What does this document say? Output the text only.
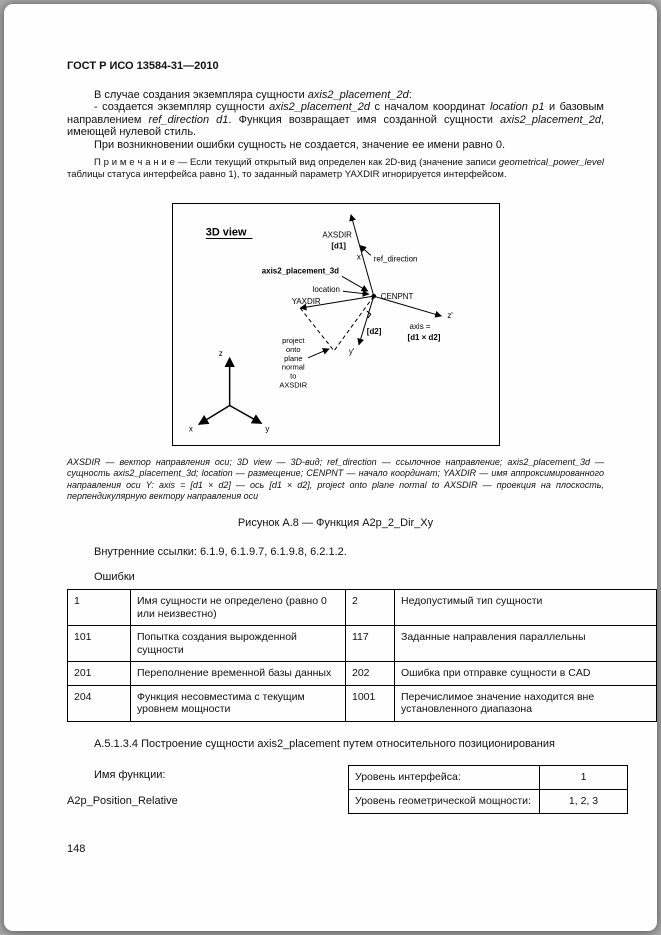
ГОСТ Р ИСО 13584-31—2010

В случае создания экземпляра сущности axis2_placement_2d:

- создается экземпляр сущности axis2_placement_2d с началом координат location p1 и базовым направлением ref_direction d1. Функция возвращает имя созданной сущности axis2_placement_2d, имеющей нулевой стиль.

При возникновении ошибки сущность не создается, значение ее имени равно 0.

П р и м е ч а н и е — Если текущий открытый вид определен как 2D-вид (значение записи geometrical_power_level таблицы статуса интерфейса равно 1), то заданный параметр YAXDIR игнорируется интерфейсом.

3D view	AXSDIR
[d1]
x' ref_direction
axis2_placement_3d
location
CENPNT
YAXDIR
z'
axis =
[d1 × d2]
[d2]
y'
project
onto
plane
normal
to
AXSDIR
z
x	y
AXSDIR — вектор направления оси; 3D view — 3D-вид; ref_direction — ссылочное направление; axis2_placement_3d — сущность axis2_placement_3d; location — размещение; CENPNT — начало координат; YAXDIR — имя аппроксимированного направления оси Y: axis = [d1 × d2] — ось [d1 × d2], project onto plane normal to AXSDIR — проекция на плоскость, перпендикулярную вектору направления оси
Рисунок А.8 — Функция A2p_2_Dir_Xy
Внутренние ссылки: 6.1.9, 6.1.9.7, 6.1.9.8, 6.2.1.2.
Ошибки
1	Имя сущности не определено (равно 0 или неизвестно)	2	Недопустимый тип сущности
101	Попытка создания вырожденной сущности	117	Заданные направления параллельны
201	Переполнение временной базы данных	202	Ошибка при отправке сущности в CAD
204	Функция несовместима с текущим уровнем мощности	1001	Перечислимое значение находится вне установленного диапазона
А.5.1.3.4 Построение сущности axis2_placement путем относительного позиционирования
Имя функции:
A2p_Position_Relative
Уровень интерфейса:	1
Уровень геометрической мощности:	1, 2, 3
148
